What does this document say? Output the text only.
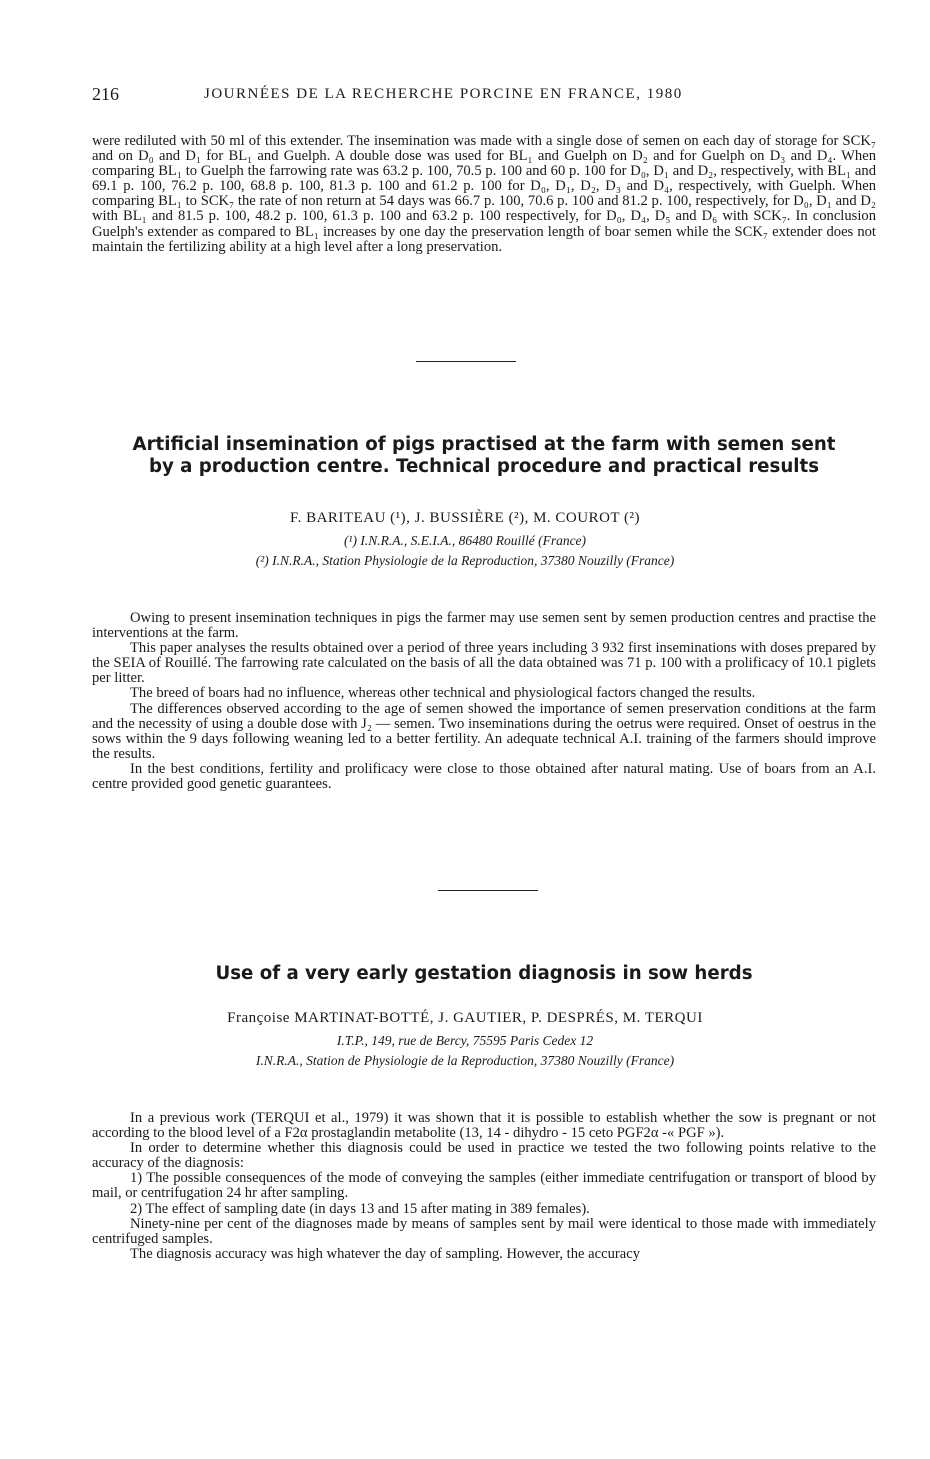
216	JOURNÉES DE LA RECHERCHE PORCINE EN FRANCE, 1980

were rediluted with 50 ml of this extender. The insemination was made with a single dose of semen on each day of storage for SCK₇ and on D₀ and D₁ for BL₁ and Guelph. A double dose was used for BL₁ and Guelph on D₂ and for Guelph on D₃ and D₄. When comparing BL₁ to Guelph the farrowing rate was 63.2 p. 100, 70.5 p. 100 and 60 p. 100 for D₀, D₁ and D₂, respectively, with BL₁ and 69.1 p. 100, 76.2 p. 100, 68.8 p. 100, 81.3 p. 100 and 61.2 p. 100 for D₀, D₁, D₂, D₃ and D₄, respectively, with Guelph. When comparing BL₁ to SCK₇ the rate of non return at 54 days was 66.7 p. 100, 70.6 p. 100 and 81.2 p. 100, respectively, for D₀, D₁ and D₂ with BL₁ and 81.5 p. 100, 48.2 p. 100, 61.3 p. 100 and 63.2 p. 100 respectively, for D₀, D₄, D₅ and D₆ with SCK₇. In conclusion Guelph's extender as compared to BL₁ increases by one day the preservation length of boar semen while the SCK₇ extender does not maintain the fertilizing ability at a high level after a long preservation.

Artificial insemination of pigs practised at the farm with semen sent
by a production centre. Technical procedure and practical results
F. BARITEAU (¹), J. BUSSIÈRE (²), M. COUROT (²)
(¹) I.N.R.A., S.E.I.A., 86480 Rouillé (France)
(²) I.N.R.A., Station Physiologie de la Reproduction, 37380 Nouzilly (France)

Owing to present insemination techniques in pigs the farmer may use semen sent by semen production centres and practise the interventions at the farm.

This paper analyses the results obtained over a period of three years including 3 932 first inseminations with doses prepared by the SEIA of Rouillé. The farrowing rate calculated on the basis of all the data obtained was 71 p. 100 with a prolificacy of 10.1 piglets per litter.

The breed of boars had no influence, whereas other technical and physiological factors changed the results.

The differences observed according to the age of semen showed the importance of semen preservation conditions at the farm and the necessity of using a double dose with J₂ — semen. Two inseminations during the oetrus were required. Onset of oestrus in the sows within the 9 days following weaning led to a better fertility. An adequate technical A.I. training of the farmers should improve the results.

In the best conditions, fertility and prolificacy were close to those obtained after natural mating. Use of boars from an A.I. centre provided good genetic guarantees.

Use of a very early gestation diagnosis in sow herds
Françoise MARTINAT-BOTTÉ, J. GAUTIER, P. DESPRÉS, M. TERQUI
I.T.P., 149, rue de Bercy, 75595 Paris Cedex 12
I.N.R.A., Station de Physiologie de la Reproduction, 37380 Nouzilly (France)

In a previous work (TERQUI et al., 1979) it was shown that it is possible to establish whether the sow is pregnant or not according to the blood level of a F2α prostaglandin metabolite (13, 14 - dihydro - 15 ceto PGF2α -« PGF »).

In order to determine whether this diagnosis could be used in practice we tested the two following points relative to the accuracy of the diagnosis:

1) The possible consequences of the mode of conveying the samples (either immediate centrifugation or transport of blood by mail, or centrifugation 24 hr after sampling.

2) The effect of sampling date (in days 13 and 15 after mating in 389 females).

Ninety-nine per cent of the diagnoses made by means of samples sent by mail were identical to those made with immediately centrifuged samples.

The diagnosis accuracy was high whatever the day of sampling. However, the accuracy
